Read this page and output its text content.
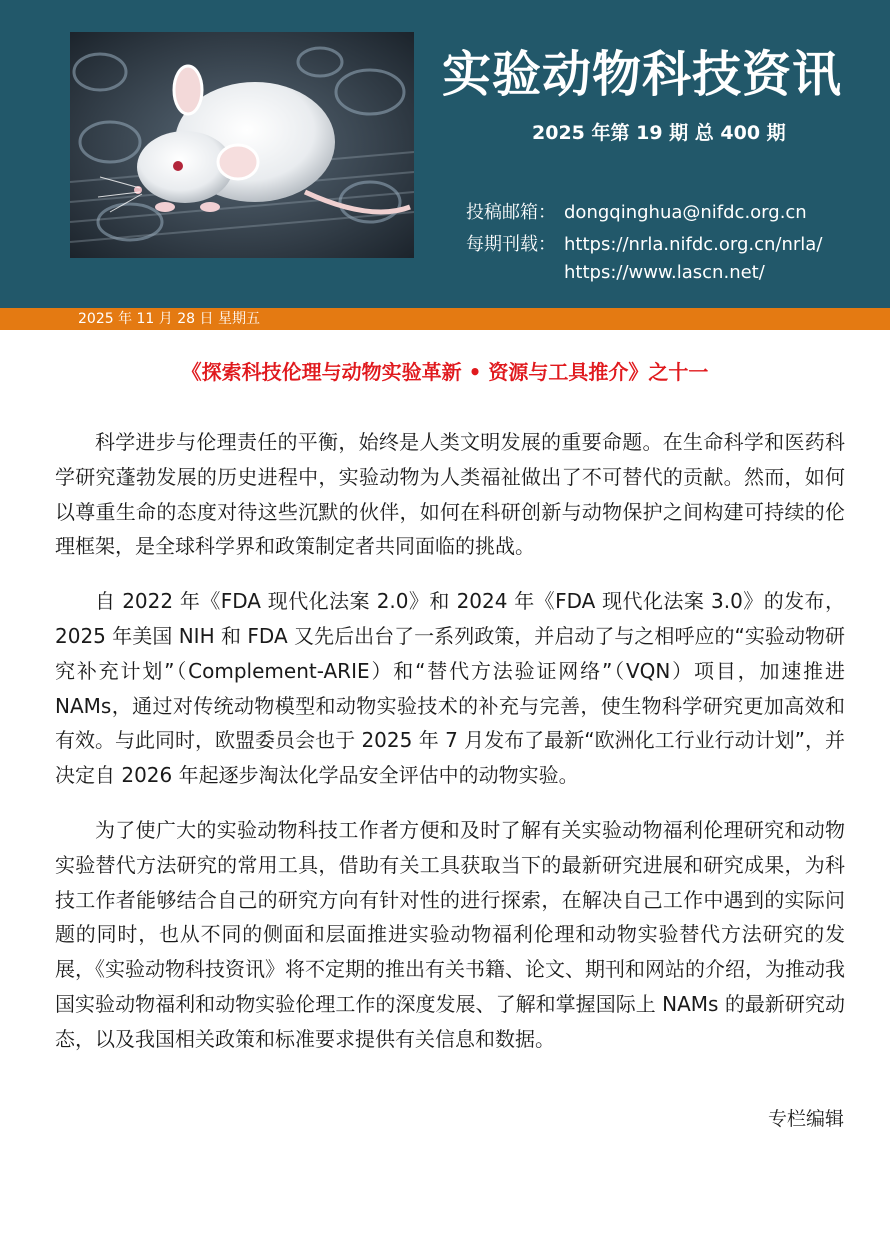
实验动物科技资讯
2025 年第 19 期 总 400 期
投稿邮箱： dongqinghua@nifdc.org.cn
每期刊载： https://nrla.nifdc.org.cn/nrla/
https://www.lascn.net/
2025 年 11 月 28 日 星期五
《探索科技伦理与动物实验革新 • 资源与工具推介》之十一

科学进步与伦理责任的平衡，始终是人类文明发展的重要命题。在生命科学和医药科学研究蓬勃发展的历史进程中，实验动物为人类福祉做出了不可替代的贡献。然而，如何以尊重生命的态度对待这些沉默的伙伴，如何在科研创新与动物保护之间构建可持续的伦理框架，是全球科学界和政策制定者共同面临的挑战。

自 2022 年《FDA 现代化法案 2.0》和 2024 年《FDA 现代化法案 3.0》的发布，2025 年美国 NIH 和 FDA 又先后出台了一系列政策，并启动了与之相呼应的“实验动物研究补充计划”（Complement-ARIE）和“替代方法验证网络”（VQN）项目，加速推进 NAMs，通过对传统动物模型和动物实验技术的补充与完善，使生物科学研究更加高效和有效。与此同时，欧盟委员会也于 2025 年 7 月发布了最新“欧洲化工行业行动计划”，并决定自 2026 年起逐步淘汰化学品安全评估中的动物实验。

为了使广大的实验动物科技工作者方便和及时了解有关实验动物福利伦理研究和动物实验替代方法研究的常用工具，借助有关工具获取当下的最新研究进展和研究成果，为科技工作者能够结合自己的研究方向有针对性的进行探索，在解决自己工作中遇到的实际问题的同时，也从不同的侧面和层面推进实验动物福利伦理和动物实验替代方法研究的发展，《实验动物科技资讯》将不定期的推出有关书籍、论文、期刊和网站的介绍，为推动我国实验动物福利和动物实验伦理工作的深度发展、了解和掌握国际上 NAMs 的最新研究动态，以及我国相关政策和标准要求提供有关信息和数据。

专栏编辑
